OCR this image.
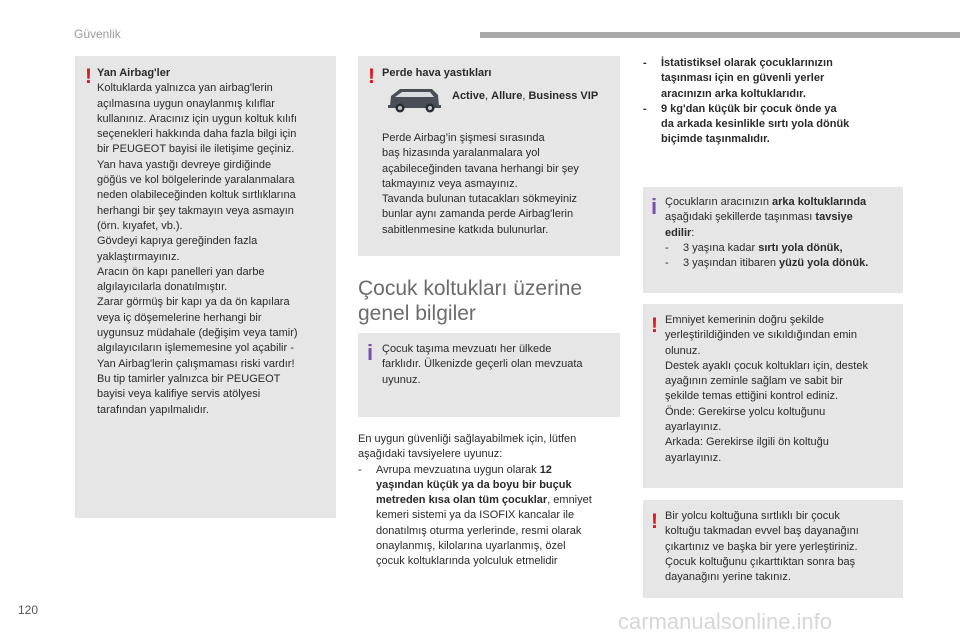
Güvenlik
! Yan Airbag'ler

Koltuklarda yalnızca yan airbag'lerin

açılmasına uygun onaylanmış kılıflar

kullanınız. Aracınız için uygun koltuk kılıfı

seçenekleri hakkında daha fazla bilgi için

bir PEUGEOT bayisi ile iletişime geçiniz.

Yan hava yastığı devreye girdiğinde

göğüs ve kol bölgelerinde yaralanmalara

neden olabileceğinden koltuk sırtlıklarına

herhangi bir şey takmayın veya asmayın

(örn. kıyafet, vb.).

Gövdeyi kapıya gereğinden fazla

yaklaştırmayınız.

Aracın ön kapı panelleri yan darbe

algılayıcılarla donatılmıştır.

Zarar görmüş bir kapı ya da ön kapılara

veya iç döşemelerine herhangi bir

uygunsuz müdahale (değişim veya tamir)

algılayıcıların işlememesine yol açabilir -

Yan Airbag'lerin çalışmaması riski vardır!

Bu tip tamirler yalnızca bir PEUGEOT

bayisi veya kalifiye servis atölyesi

tarafından yapılmalıdır.

! Perde hava yastıkları
Active, Allure, Business VIP

Perde Airbag’in şişmesi sırasında

baş hizasında yaralanmalara yol

açabileceğinden tavana herhangi bir şey

takmayınız veya asmayınız.

Tavanda bulunan tutacakları sökmeyiniz

bunlar aynı zamanda perde Airbag'lerin

sabitlenmesine katkıda bulunurlar.

Çocuk koltukları üzerine
genel bilgiler
i Çocuk taşıma mevzuatı her ülkede

farklıdır. Ülkenizde geçerli olan mevzuata

uyunuz.

En uygun güvenliği sağlayabilmek için, lütfen

aşağıdaki tavsiyelere uyunuz:

-	Avrupa mevzuatına uygun olarak 12

yaşından küçük ya da boyu bir buçuk

metreden kısa olan tüm çocuklar, emniyet

kemeri sistemi ya da ISOFIX kancalar ile

donatılmış oturma yerlerinde, resmi olarak

onaylanmış, kilolarına uyarlanmış, özel

çocuk koltuklarında yolculuk etmelidir

-	İstatistiksel olarak çocuklarınızın

taşınması için en güvenli yerler

aracınızın arka koltuklarıdır.

-	9 kg'dan küçük bir çocuk önde ya

da arkada kesinlikle sırtı yola dönük

biçimde taşınmalıdır.

i Çocukların aracınızın arka koltuklarında

aşağıdaki şekillerde taşınması tavsiye

edilir:

-	3 yaşına kadar sırtı yola dönük,
-	3 yaşından itibaren yüzü yola dönük.
! Emniyet kemerinin doğru şekilde

yerleştirildiğinden ve sıkıldığından emin

olunuz.

Destek ayaklı çocuk koltukları için, destek

ayağının zeminle sağlam ve sabit bir

şekilde temas ettiğini kontrol ediniz.

Önde: Gerekirse yolcu koltuğunu

ayarlayınız.

Arkada: Gerekirse ilgili ön koltuğu

ayarlayınız.

! Bir yolcu koltuğuna sırtlıklı bir çocuk

koltuğu takmadan evvel baş dayanağını

çıkartınız ve başka bir yere yerleştiriniz.

Çocuk koltuğunu çıkarttıktan sonra baş

dayanağını yerine takınız.

120	carmanualsonline.info
